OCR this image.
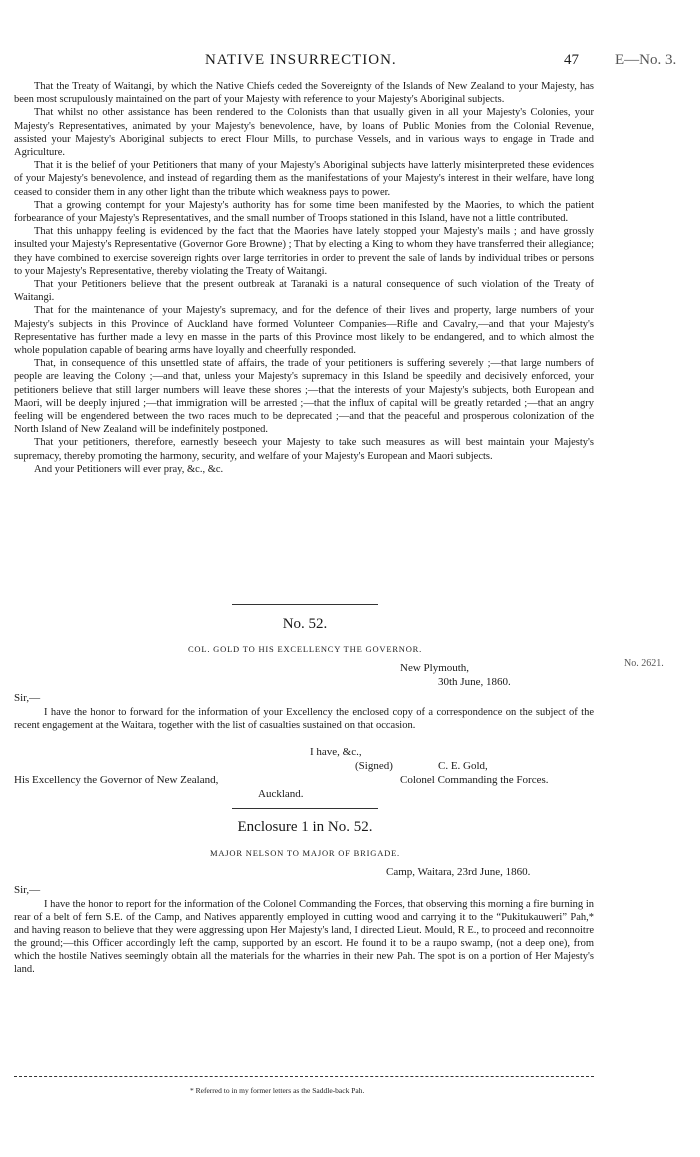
NATIVE INSURRECTION.	47 E—No. 3.

That the Treaty of Waitangi, by which the Native Chiefs ceded the Sovereignty of the Islands of New Zealand to your Majesty, has been most scrupulously maintained on the part of your Majesty with reference to your Majesty's Aboriginal subjects.

That whilst no other assistance has been rendered to the Colonists than that usually given in all your Majesty's Colonies, your Majesty's Representatives, animated by your Majesty's benevolence, have, by loans of Public Monies from the Colonial Revenue, assisted your Majesty's Aboriginal subjects to erect Flour Mills, to purchase Vessels, and in various ways to engage in Trade and Agriculture.

That it is the belief of your Petitioners that many of your Majesty's Aboriginal subjects have latterly misinterpreted these evidences of your Majesty's benevolence, and instead of regarding them as the manifestations of your Majesty's interest in their welfare, have long ceased to consider them in any other light than the tribute which weakness pays to power.

That a growing contempt for your Majesty's authority has for some time been manifested by the Maories, to which the patient forbearance of your Majesty's Representatives, and the small number of Troops stationed in this Island, have not a little contributed.

That this unhappy feeling is evidenced by the fact that the Maories have lately stopped your Majesty's mails ; and have grossly insulted your Majesty's Representative (Governor Gore Browne) ; That by electing a King to whom they have transferred their allegiance; they have combined to exercise sovereign rights over large territories in order to prevent the sale of lands by individual tribes or persons to your Majesty's Representative, thereby violating the Treaty of Waitangi.

That your Petitioners believe that the present outbreak at Taranaki is a natural consequence of such violation of the Treaty of Waitangi.

That for the maintenance of your Majesty's supremacy, and for the defence of their lives and property, large numbers of your Majesty's subjects in this Province of Auckland have formed Volunteer Companies—Rifle and Cavalry,—and that your Majesty's Representative has further made a levy en masse in the parts of this Province most likely to be endangered, and to which almost the whole population capable of bearing arms have loyally and cheerfully responded.

That, in consequence of this unsettled state of affairs, the trade of your petitioners is suffering severely ;—that large numbers of people are leaving the Colony ;—and that, unless your Majesty's supremacy in this Island be speedily and decisively enforced, your petitioners believe that still larger numbers will leave these shores ;—that the interests of your Majesty's subjects, both European and Maori, will be deeply injured ;—that immigration will be arrested ;—that the influx of capital will be greatly retarded ;—that an angry feeling will be engendered between the two races much to be deprecated ;—and that the peaceful and prosperous colonization of the North Island of New Zealand will be indefinitely postponed.

That your petitioners, therefore, earnestly beseech your Majesty to take such measures as will best maintain your Majesty's supremacy, thereby promoting the harmony, security, and welfare of your Majesty's European and Maori subjects.

And your Petitioners will ever pray, &c., &c.

No. 52.
COL. GOLD TO HIS EXCELLENCY THE GOVERNOR.
No. 2621.
New Plymouth,
30th June, 1860.
Sir,—

I have the honor to forward for the information of your Excellency the enclosed copy of a correspondence on the subject of the recent engagement at the Waitara, together with the list of casualties sustained on that occasion.

I have, &c.,
(Signed)	C. E. Gold,
His Excellency the Governor of New Zealand,	Colonel Commanding the Forces.
Auckland.
Enclosure 1 in No. 52.
MAJOR NELSON TO MAJOR OF BRIGADE.
Camp, Waitara, 23rd June, 1860.
Sir,—

I have the honor to report for the information of the Colonel Commanding the Forces, that observing this morning a fire burning in rear of a belt of fern S.E. of the Camp, and Natives apparently employed in cutting wood and carrying it to the “Pukitukauweri” Pah,* and having reason to believe that they were aggressing upon Her Majesty's land, I directed Lieut. Mould, R E., to proceed and reconnoitre the ground;—this Officer accordingly left the camp, supported by an escort. He found it to be a raupo swamp, (not a deep one), from which the hostile Natives seemingly obtain all the materials for the wharries in their new Pah. The spot is on a portion of Her Majesty's land.

* Referred to in my former letters as the Saddle-back Pah.
